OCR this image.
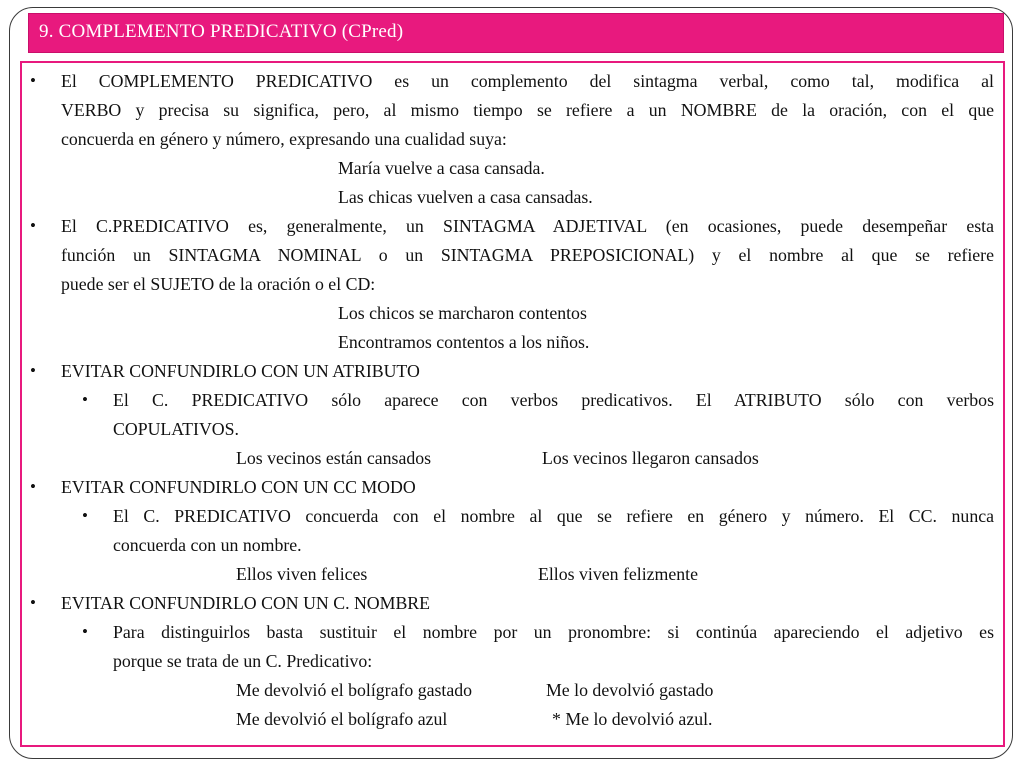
9. COMPLEMENTO PREDICATIVO (CPred)
• El COMPLEMENTO PREDICATIVO es un complemento del sintagma verbal, como tal, modifica al
VERBO y precisa su significa, pero, al mismo tiempo se refiere a un NOMBRE de la oración, con el que
concuerda en género y número, expresando una cualidad suya:
María vuelve a casa cansada.
Las chicas vuelven a casa cansadas.
• El C.PREDICATIVO es, generalmente, un SINTAGMA ADJETIVAL (en ocasiones, puede desempeñar esta
función un SINTAGMA NOMINAL o un SINTAGMA PREPOSICIONAL) y el nombre al que se refiere
puede ser el SUJETO de la oración o el CD:
Los chicos se marcharon contentos
Encontramos contentos a los niños.
• EVITAR CONFUNDIRLO CON UN ATRIBUTO
• El C. PREDICATIVO sólo aparece con verbos predicativos. El ATRIBUTO sólo con verbos
COPULATIVOS.
Los vecinos están cansados	Los vecinos llegaron cansados
• EVITAR CONFUNDIRLO CON UN CC MODO
• El C. PREDICATIVO concuerda con el nombre al que se refiere en género y número. El CC. nunca
concuerda con un nombre.
Ellos viven felices	Ellos viven felizmente
• EVITAR CONFUNDIRLO CON UN C. NOMBRE
• Para distinguirlos basta sustituir el nombre por un pronombre: si continúa apareciendo el adjetivo es
porque se trata de un C. Predicativo:
Me devolvió el bolígrafo gastado	Me lo devolvió gastado
Me devolvió el bolígrafo azul	* Me lo devolvió azul.
